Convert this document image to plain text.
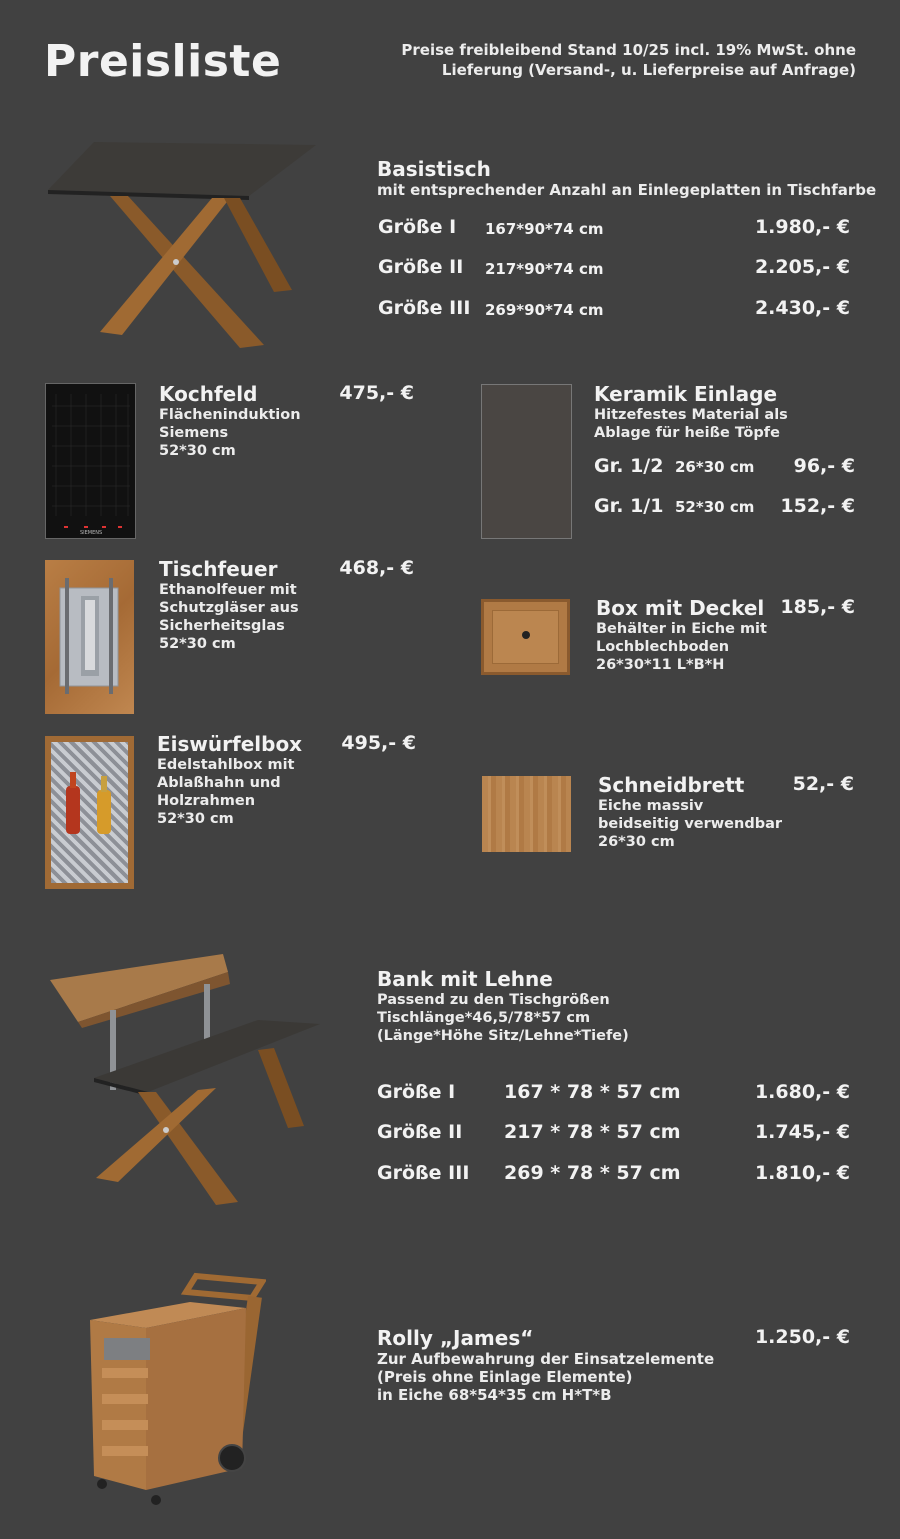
Preisliste	Preise freibleibend Stand 10/25 incl. 19% MwSt. ohne
Lieferung (Versand-, u. Lieferpreise auf Anfrage)
Basistisch
mit entsprechender Anzahl an Einlegeplatten in Tischfarbe
Größe I 167*90*74 cm	1.980,- €
Größe II 217*90*74 cm	2.205,- €
Größe III 269*90*74 cm	2.430,- €
SIEMENS
Kochfeld	475,- €
Flächeninduktion
Siemens
52*30 cm
Keramik Einlage
Hitzefestes Material als
Ablage für heiße Töpfe
Gr. 1/2 26*30 cm 96,- €
Gr. 1/1 52*30 cm 152,- €
Tischfeuer	468,- €
Ethanolfeuer mit
Schutzgläser aus
Sicherheitsglas
52*30 cm
Box mit Deckel 185,- €
Behälter in Eiche mit
Lochblechboden
26*30*11 L*B*H
Eiswürfelbox	495,- €
Edelstahlbox mit
Ablaßhahn und
Holzrahmen
52*30 cm
Schneidbrett	52,- €
Eiche massiv
beidseitig verwendbar
26*30 cm
Bank mit Lehne
Passend zu den Tischgrößen
Tischlänge*46,5/78*57 cm
(Länge*Höhe Sitz/Lehne*Tiefe)
Größe I	167 * 78 * 57 cm	1.680,- €
Größe II 217 * 78 * 57 cm	1.745,- €
Größe III 269 * 78 * 57 cm	1.810,- €
Rolly „James“	1.250,- €
Zur Aufbewahrung der Einsatzelemente
(Preis ohne Einlage Elemente)
in Eiche 68*54*35 cm H*T*B
